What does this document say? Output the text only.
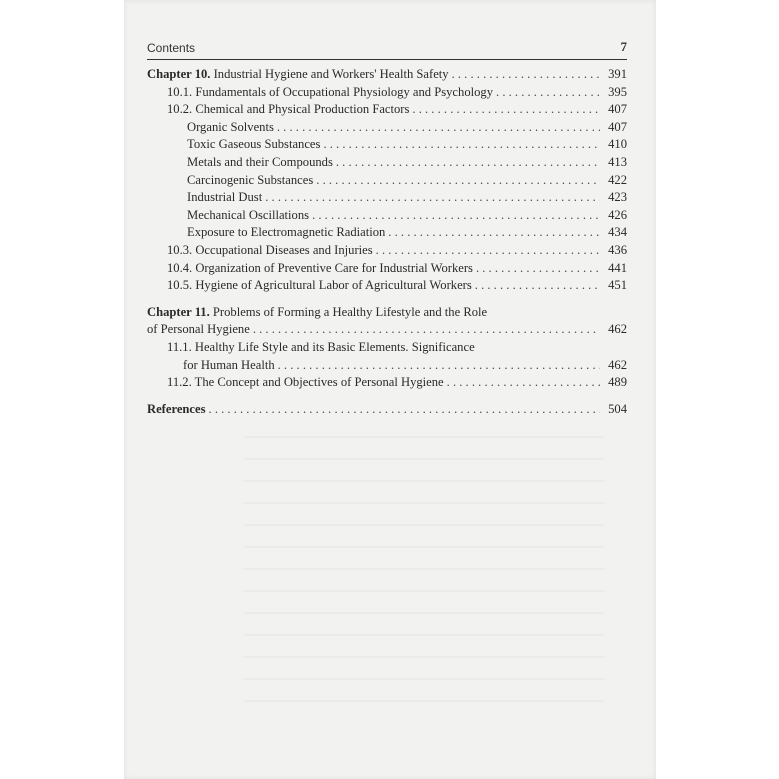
Contents	7
Chapter 10. Industrial Hygiene and Workers' Health Safety . . .	391
10.1. Fundamentals of Occupational Physiology and Psychology . . .	395
10.2. Chemical and Physical Production Factors . . .	407
Organic Solvents . . .	407
Toxic Gaseous Substances . . .	410
Metals and their Compounds . . .	413
Carcinogenic Substances . . .	422
Industrial Dust . . .	423
Mechanical Oscillations . . .	426
Exposure to Electromagnetic Radiation . . .	434
10.3. Occupational Diseases and Injuries . . .	436
10.4. Organization of Preventive Care for Industrial Workers . . .	441
10.5. Hygiene of Agricultural Labor of Agricultural Workers . . .	451
Chapter 11. Problems of Forming a Healthy Lifestyle and the Role
of Personal Hygiene . . .	462
11.1. Healthy Life Style and its Basic Elements. Significance
for Human Health . . .	462
11.2. The Concept and Objectives of Personal Hygiene . . .	489
References . . .	504
